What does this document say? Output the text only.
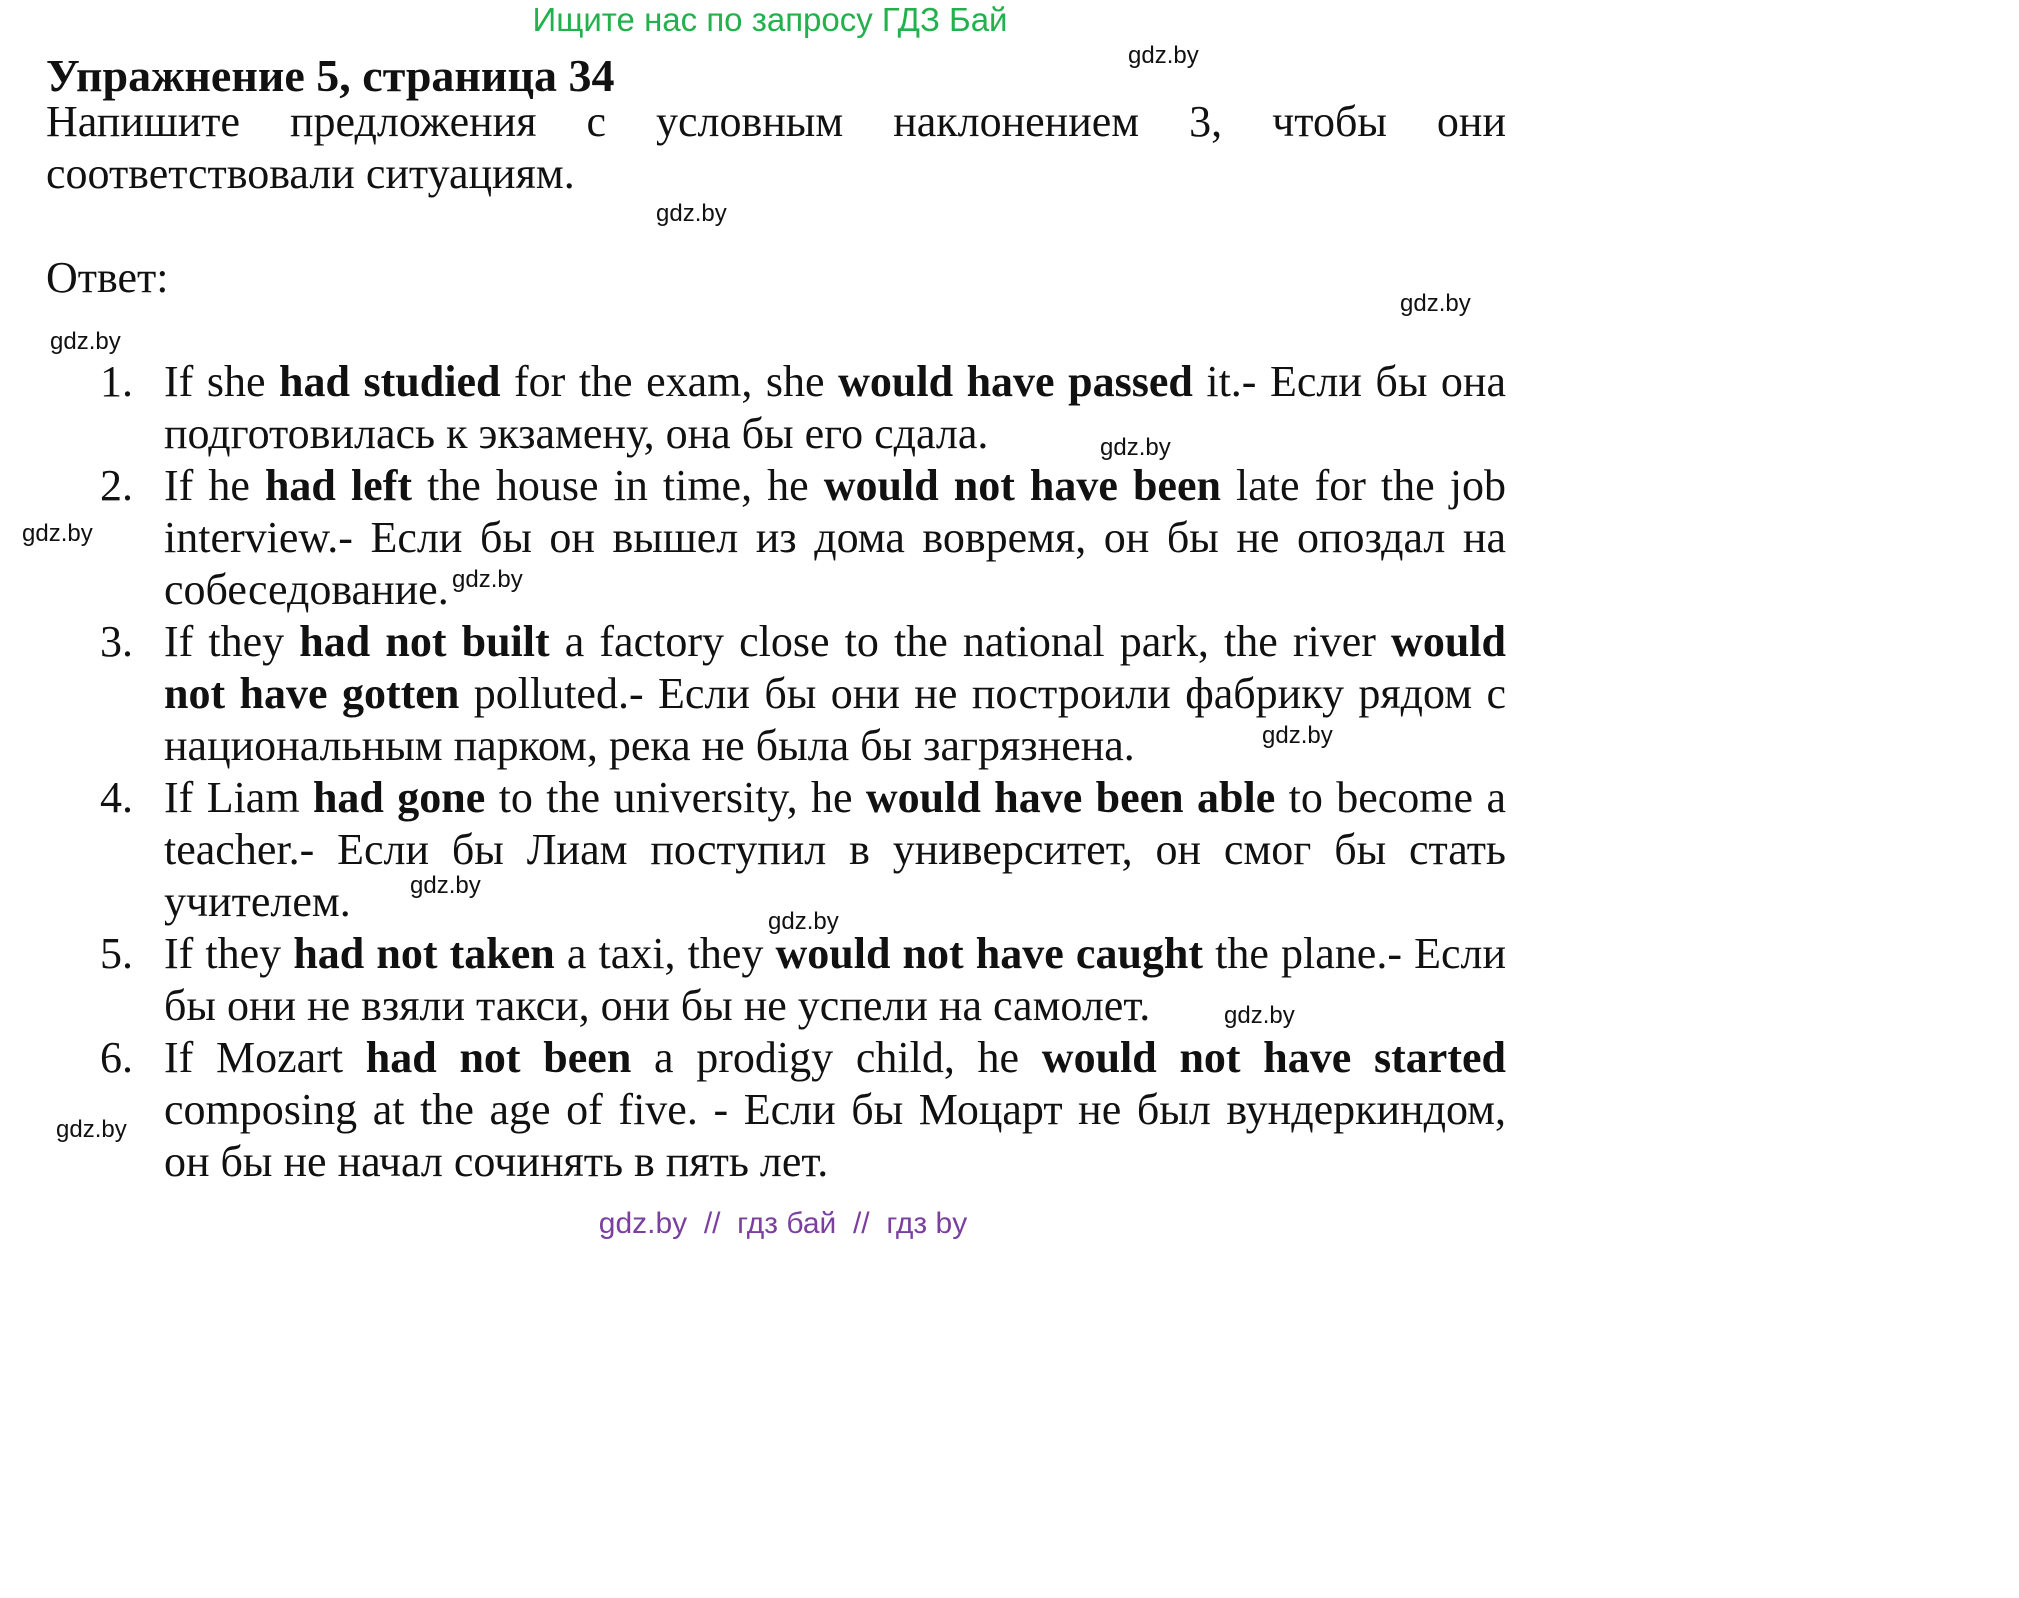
Ищите нас по запросу ГДЗ Бай
Упражнение 5, страница 34

Напишите предложения с условным наклонением 3, чтобы они соответствовали ситуациям.

Ответ:

1. If she had studied for the exam, she would have passed it.- Если бы она подготовилась к экзамену, она бы его сдала.
2. If he had left the house in time, he would not have been late for the job interview.- Если бы он вышел из дома вовремя, он бы не опоздал на собеседование.
3. If they had not built a factory close to the national park, the river would not have gotten polluted.- Если бы они не построили фабрику рядом с национальным парком, река не была бы загрязнена.
4. If Liam had gone to the university, he would have been able to become a teacher.- Если бы Лиам поступил в университет, он смог бы стать учителем.
5. If they had not taken a taxi, they would not have caught the plane.- Если бы они не взяли такси, они бы не успели на самолет.
6. If Mozart had not been a prodigy child, he would not have started composing at the age of five. - Если бы Моцарт не был вундеркиндом, он бы не начал сочинять в пять лет.
gdz.by
gdz.by
gdz.by
gdz.by
gdz.by
gdz.by
gdz.by
gdz.by
gdz.by
gdz.by
gdz.by
gdz.by
gdz.by  //  гдз бай  //  гдз by
